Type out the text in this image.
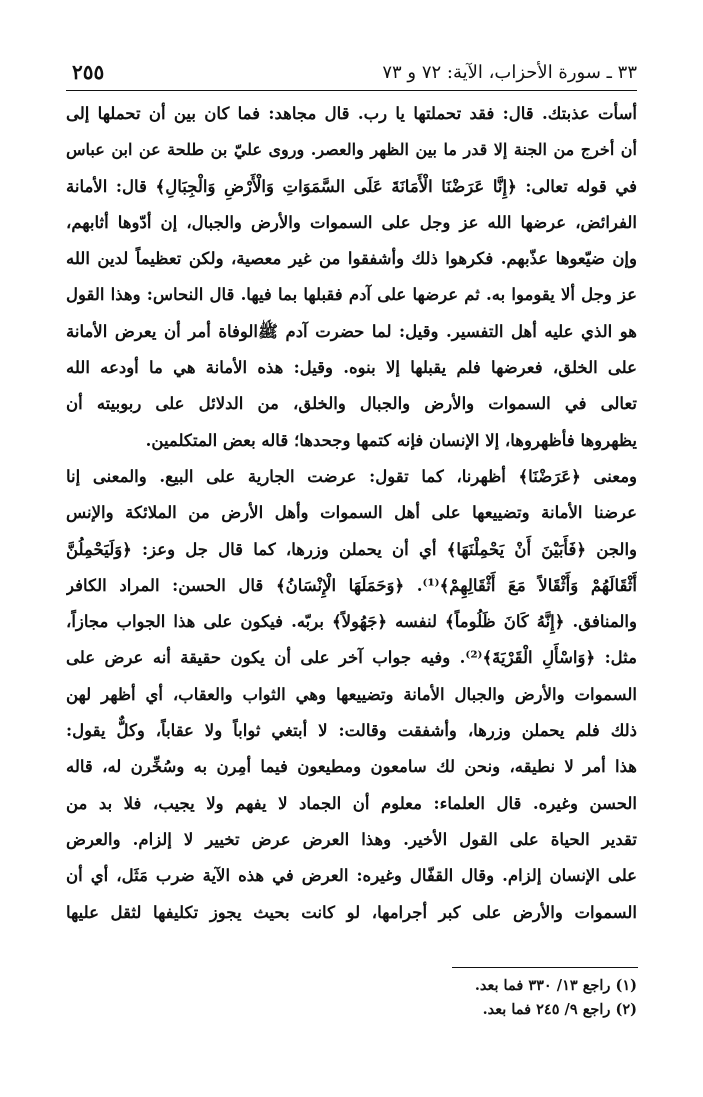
٣٣ ـ سورة الأحزاب، الآية: ٧٢ و ٧٣
٢٥٥
أسأت عذبتك. قال: فقد تحملتها يا رب. قال مجاهد: فما كان بين أن تحملها إلى
أن أخرج من الجنة إلا قدر ما بين الظهر والعصر. وروى عليّ بن طلحة عن ابن عباس
في قوله تعالى: ﴿إِنَّا عَرَضْنَا الْأَمَانَةَ عَلَى السَّمَوَاتِ وَالْأَرْضِ وَالْجِبَالِ﴾ قال: الأمانة
الفرائض، عرضها الله عز وجل على السموات والأرض والجبال، إن أدّوها أثابهم،
وإن ضيّعوها عذّبهم. فكرهوا ذلك وأشفقوا من غير معصية، ولكن تعظيماً لدين الله
عز وجل ألا يقوموا به. ثم عرضها على آدم فقبلها بما فيها. قال النحاس: وهذا القول
هو الذي عليه أهل التفسير. وقيل: لما حضرت آدم ﷺالوفاة أمر أن يعرض الأمانة
على الخلق، فعرضها فلم يقبلها إلا بنوه. وقيل: هذه الأمانة هي ما أودعه الله
تعالى في السموات والأرض والجبال والخلق، من الدلائل على ربوبيته أن
يظهروها فأظهروها، إلا الإنسان فإنه كتمها وجحدها؛ قاله بعض المتكلمين.
ومعنى ﴿عَرَضْنَا﴾ أظهرنا، كما تقول: عرضت الجارية على البيع. والمعنى إنا
عرضنا الأمانة وتضييعها على أهل السموات وأهل الأرض من الملائكة والإنس
والجن ﴿فَأَبَيْنَ أَنْ يَحْمِلْنَهَا﴾ أي أن يحملن وزرها، كما قال جل وعز: ﴿وَلَيَحْمِلُنَّ
أَثْقَالَهُمْ وَأَثْقَالاً مَعَ أَثْقَالِهِمْ﴾⁽¹⁾. ﴿وَحَمَلَهَا الْإِنْسَانُ﴾ قال الحسن: المراد الكافر
والمنافق. ﴿إِنَّهُ كَانَ ظَلُوماً﴾ لنفسه ﴿جَهُولاً﴾ بربّه. فيكون على هذا الجواب مجازاً،
مثل: ﴿وَاسْأَلِ الْقَرْيَةَ﴾⁽²⁾. وفيه جواب آخر على أن يكون حقيقة أنه عرض على
السموات والأرض والجبال الأمانة وتضييعها وهي الثواب والعقاب، أي أظهر لهن
ذلك فلم يحملن وزرها، وأشفقت وقالت: لا أبتغي ثواباً ولا عقاباً، وكلٌّ يقول:
هذا أمر لا نطيقه، ونحن لك سامعون ومطيعون فيما أمِرن به وسُخِّرن له، قاله
الحسن وغيره. قال العلماء: معلوم أن الجماد لا يفهم ولا يجيب، فلا بد من
تقدير الحياة على القول الأخير. وهذا العرض عرض تخيير لا إلزام. والعرض
على الإنسان إلزام. وقال القفّال وغيره: العرض في هذه الآية ضرب مَثَل، أي أن
السموات والأرض على كبر أجرامها، لو كانت بحيث يجوز تكليفها لثقل عليها
(١) راجع ١٣/ ٣٣٠ فما بعد.
(٢) راجع ٩/ ٢٤٥ فما بعد.
